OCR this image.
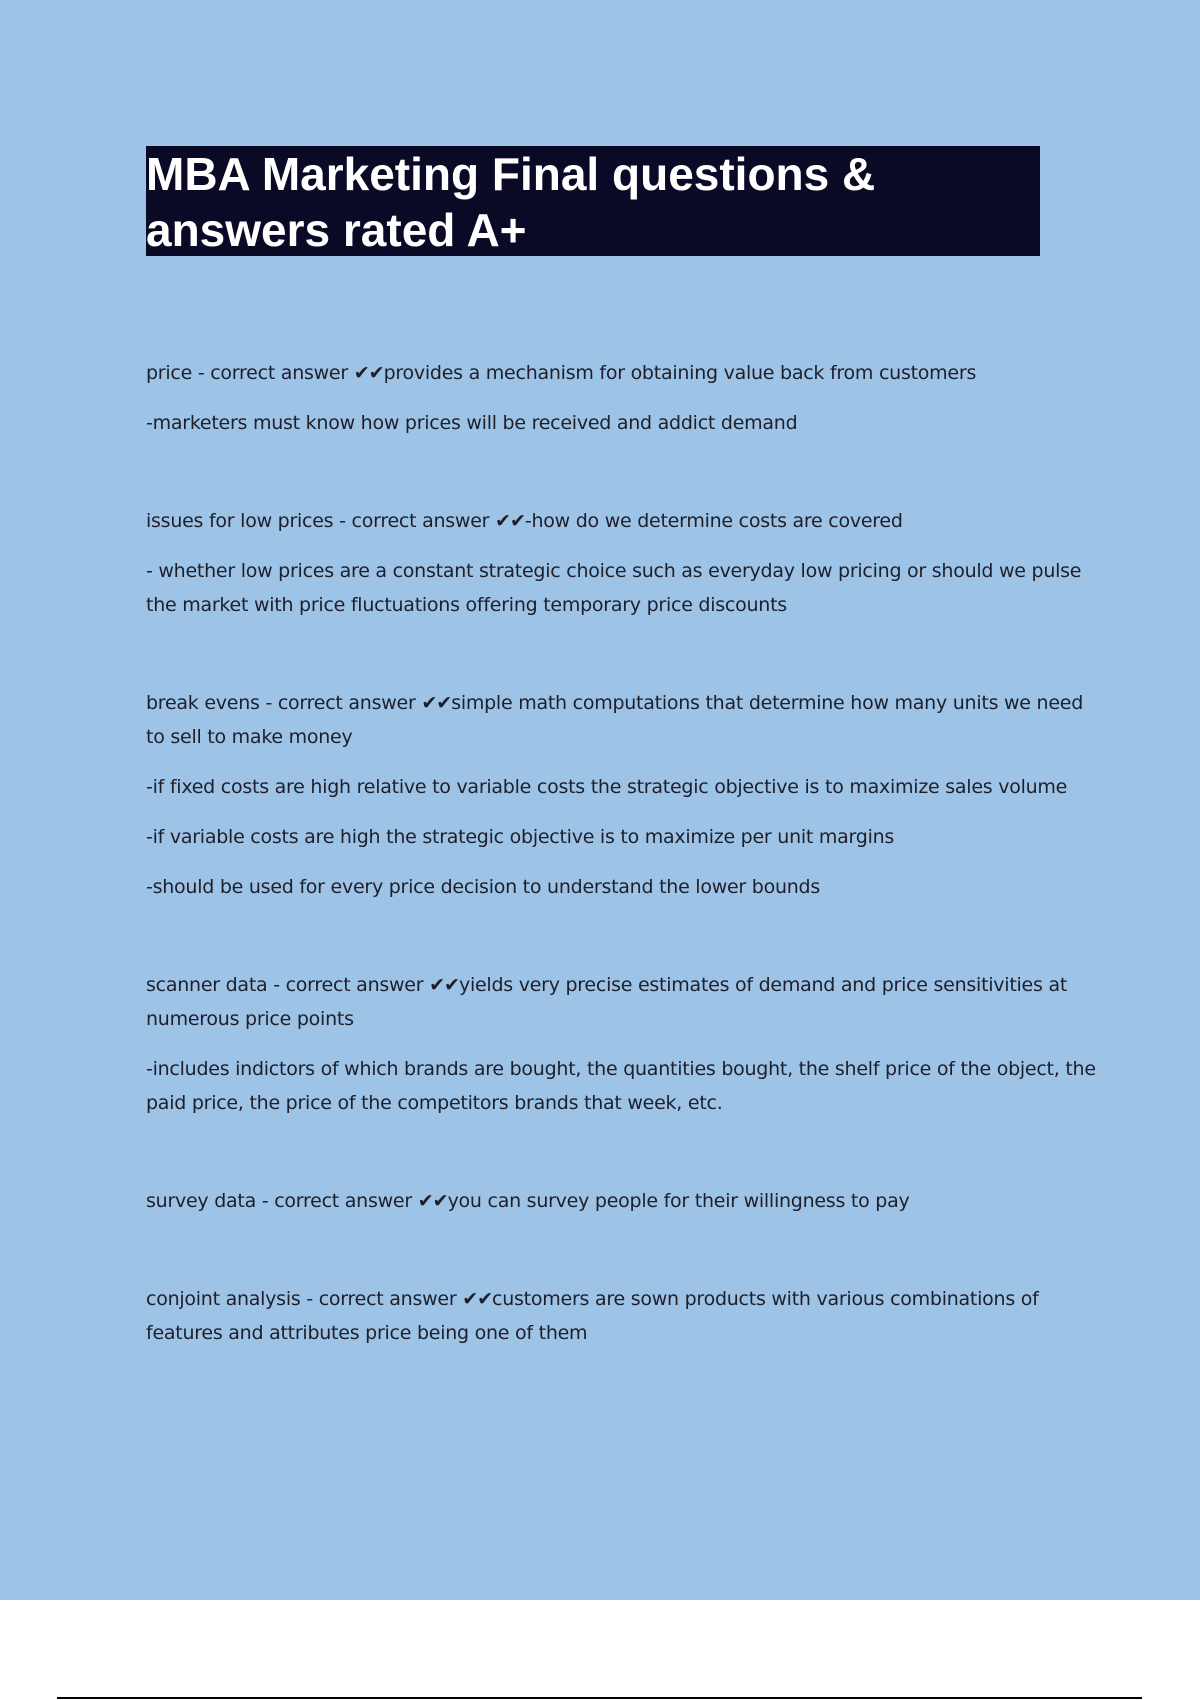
MBA Marketing Final questions & answers rated A+

price - correct answer ✔✔provides a mechanism for obtaining value back from customers

-marketers must know how prices will be received and addict demand

issues for low prices - correct answer ✔✔-how do we determine costs are covered

- whether low prices are a constant strategic choice such as everyday low pricing or should we pulse the market with price fluctuations offering temporary price discounts

break evens - correct answer ✔✔simple math computations that determine how many units we need to sell to make money

-if fixed costs are high relative to variable costs the strategic objective is to maximize sales volume

-if variable costs are high the strategic objective is to maximize per unit margins

-should be used for every price decision to understand the lower bounds

scanner data - correct answer ✔✔yields very precise estimates of demand and price sensitivities at numerous price points

-includes indictors of which brands are bought, the quantities bought, the shelf price of the object, the paid price, the price of the competitors brands that week, etc.

survey data - correct answer ✔✔you can survey people for their willingness to pay

conjoint analysis - correct answer ✔✔customers are sown products with various combinations of features and attributes price being one of them
